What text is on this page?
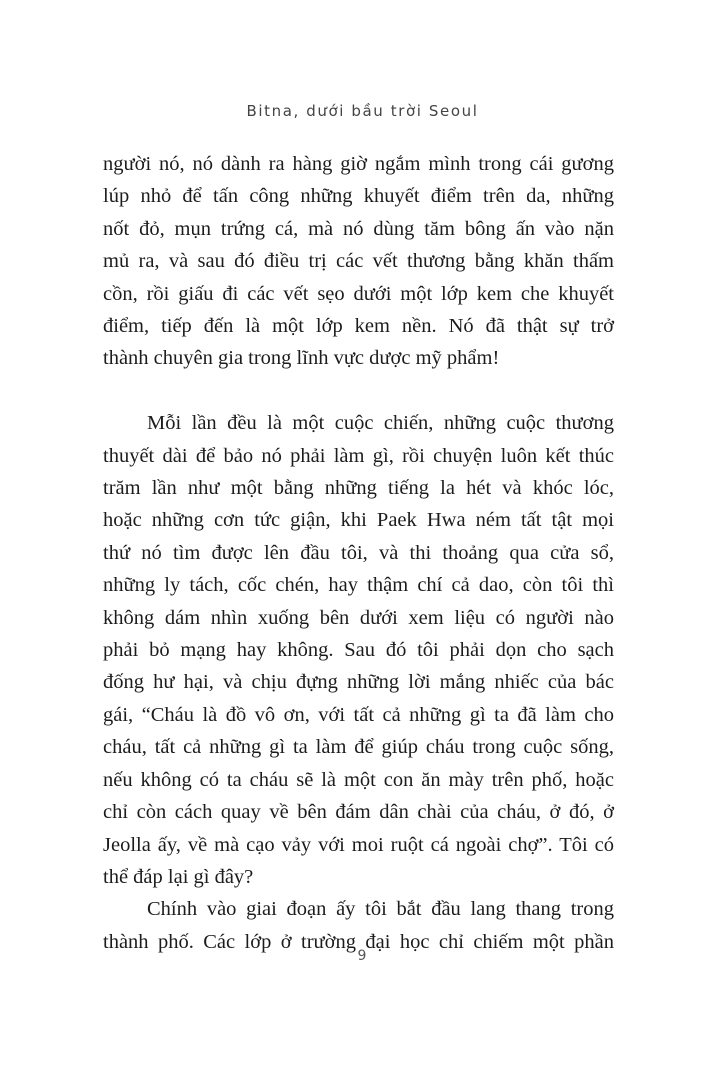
Bitna, dưới bầu trời Seoul
người nó, nó dành ra hàng giờ ngắm mình trong cái gương
lúp nhỏ để tấn công những khuyết điểm trên da, những
nốt đỏ, mụn trứng cá, mà nó dùng tăm bông ấn vào nặn
mủ ra, và sau đó điều trị các vết thương bằng khăn thấm
cồn, rồi giấu đi các vết sẹo dưới một lớp kem che khuyết
điểm, tiếp đến là một lớp kem nền. Nó đã thật sự trở
thành chuyên gia trong lĩnh vực dược mỹ phẩm!
Mỗi lần đều là một cuộc chiến, những cuộc thương
thuyết dài để bảo nó phải làm gì, rồi chuyện luôn kết thúc
trăm lần như một bằng những tiếng la hét và khóc lóc,
hoặc những cơn tức giận, khi Paek Hwa ném tất tật mọi
thứ nó tìm được lên đầu tôi, và thi thoảng qua cửa sổ,
những ly tách, cốc chén, hay thậm chí cả dao, còn tôi thì
không dám nhìn xuống bên dưới xem liệu có người nào
phải bỏ mạng hay không. Sau đó tôi phải dọn cho sạch
đống hư hại, và chịu đựng những lời mắng nhiếc của bác
gái, “Cháu là đồ vô ơn, với tất cả những gì ta đã làm cho
cháu, tất cả những gì ta làm để giúp cháu trong cuộc sống,
nếu không có ta cháu sẽ là một con ăn mày trên phố, hoặc
chỉ còn cách quay về bên đám dân chài của cháu, ở đó, ở
Jeolla ấy, về mà cạo vảy với moi ruột cá ngoài chợ”. Tôi có
thể đáp lại gì đây?
Chính vào giai đoạn ấy tôi bắt đầu lang thang trong
thành phố. Các lớp ở trường đại học chỉ chiếm một phần
9
